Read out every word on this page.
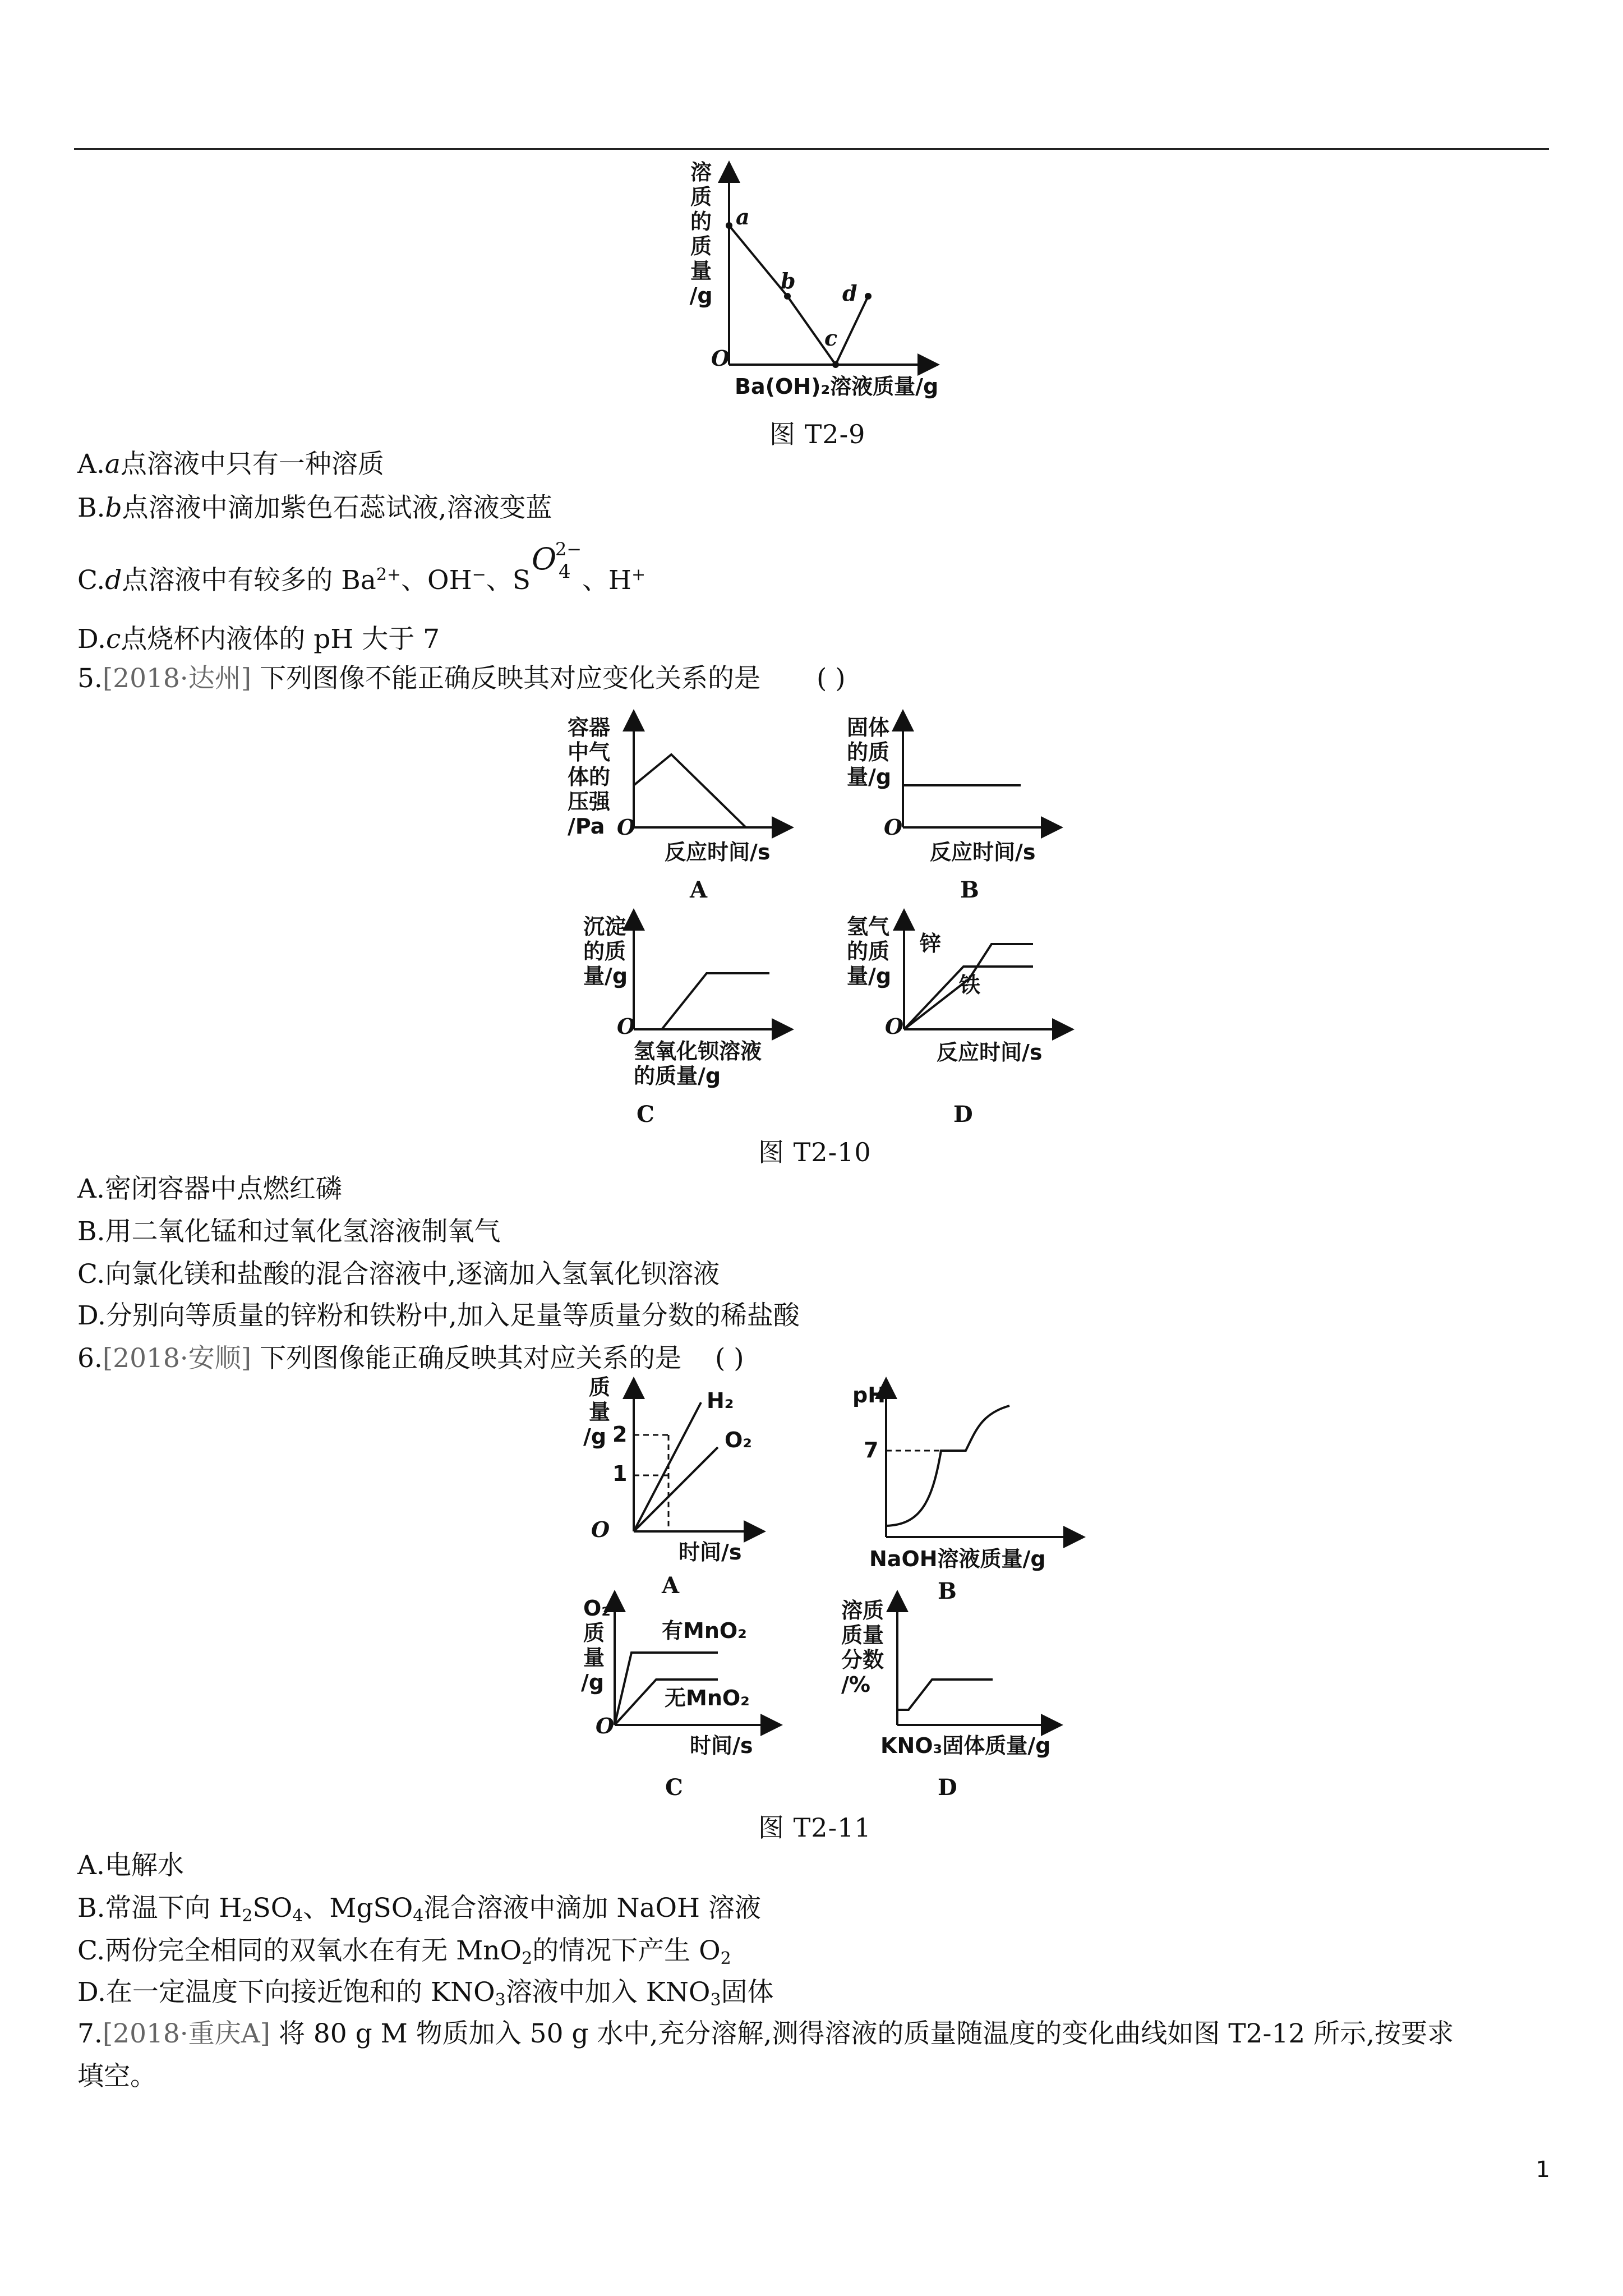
溶
质
的
质
量
/g
O
a
b
c
d
Ba(OH)₂溶液质量/g
图 T2-9
A.a点溶液中只有一种溶质
B.b点溶液中滴加紫色石蕊试液,溶液变蓝
C.d点溶液中有较多的 $Ba^{2+}$、OH−、S
O
2−
4 、H+
D.c点烧杯内液体的 pH 大于 7
5.[2018·达州] 下列图像不能正确反映其对应变化关系的是 ( )
容器
中气
体的
压强
/Pa O
反应时间/s
A
固体
的质
量/g
O
反应时间/s
B
沉淀
的质
量/g
O
氢氧化钡溶液
的质量/g
C
氢气
的质
量/g
O
锌
铁
反应时间/s
D
图 T2-10
A.密闭容器中点燃红磷
B.用二氧化锰和过氧化氢溶液制氧气
C.向氯化镁和盐酸的混合溶液中,逐滴加入氢氧化钡溶液
D.分别向等质量的锌粉和铁粉中,加入足量等质量分数的稀盐酸
6.[2018·安顺] 下列图像能正确反映其对应关系的是 ( )
质
量
/g 2
1
O
H₂
O₂
时间/s
A
pH
7
NaOH溶液质量/g
B
O₂
质
量
/g
O
有MnO₂
无MnO₂
时间/s
C
溶质
质量
分数
/%
KNO₃固体质量/g
D
图 T2-11
A.电解水
B.常温下向 $H_2SO_4$、MgSO$_4$混合溶液中滴加 NaOH 溶液
C.两份完全相同的双氧水在有无 MnO$_2$的情况下产生 $O_2$
D.在一定温度下向接近饱和的 $KNO_3$溶液中加入 $KNO_3$固体
7.[2018·重庆A] 将 80 g M 物质加入 50 g 水中,充分溶解,测得溶液的质量随温度的变化曲线如图 T2-12 所示,按要求
填空。
1
